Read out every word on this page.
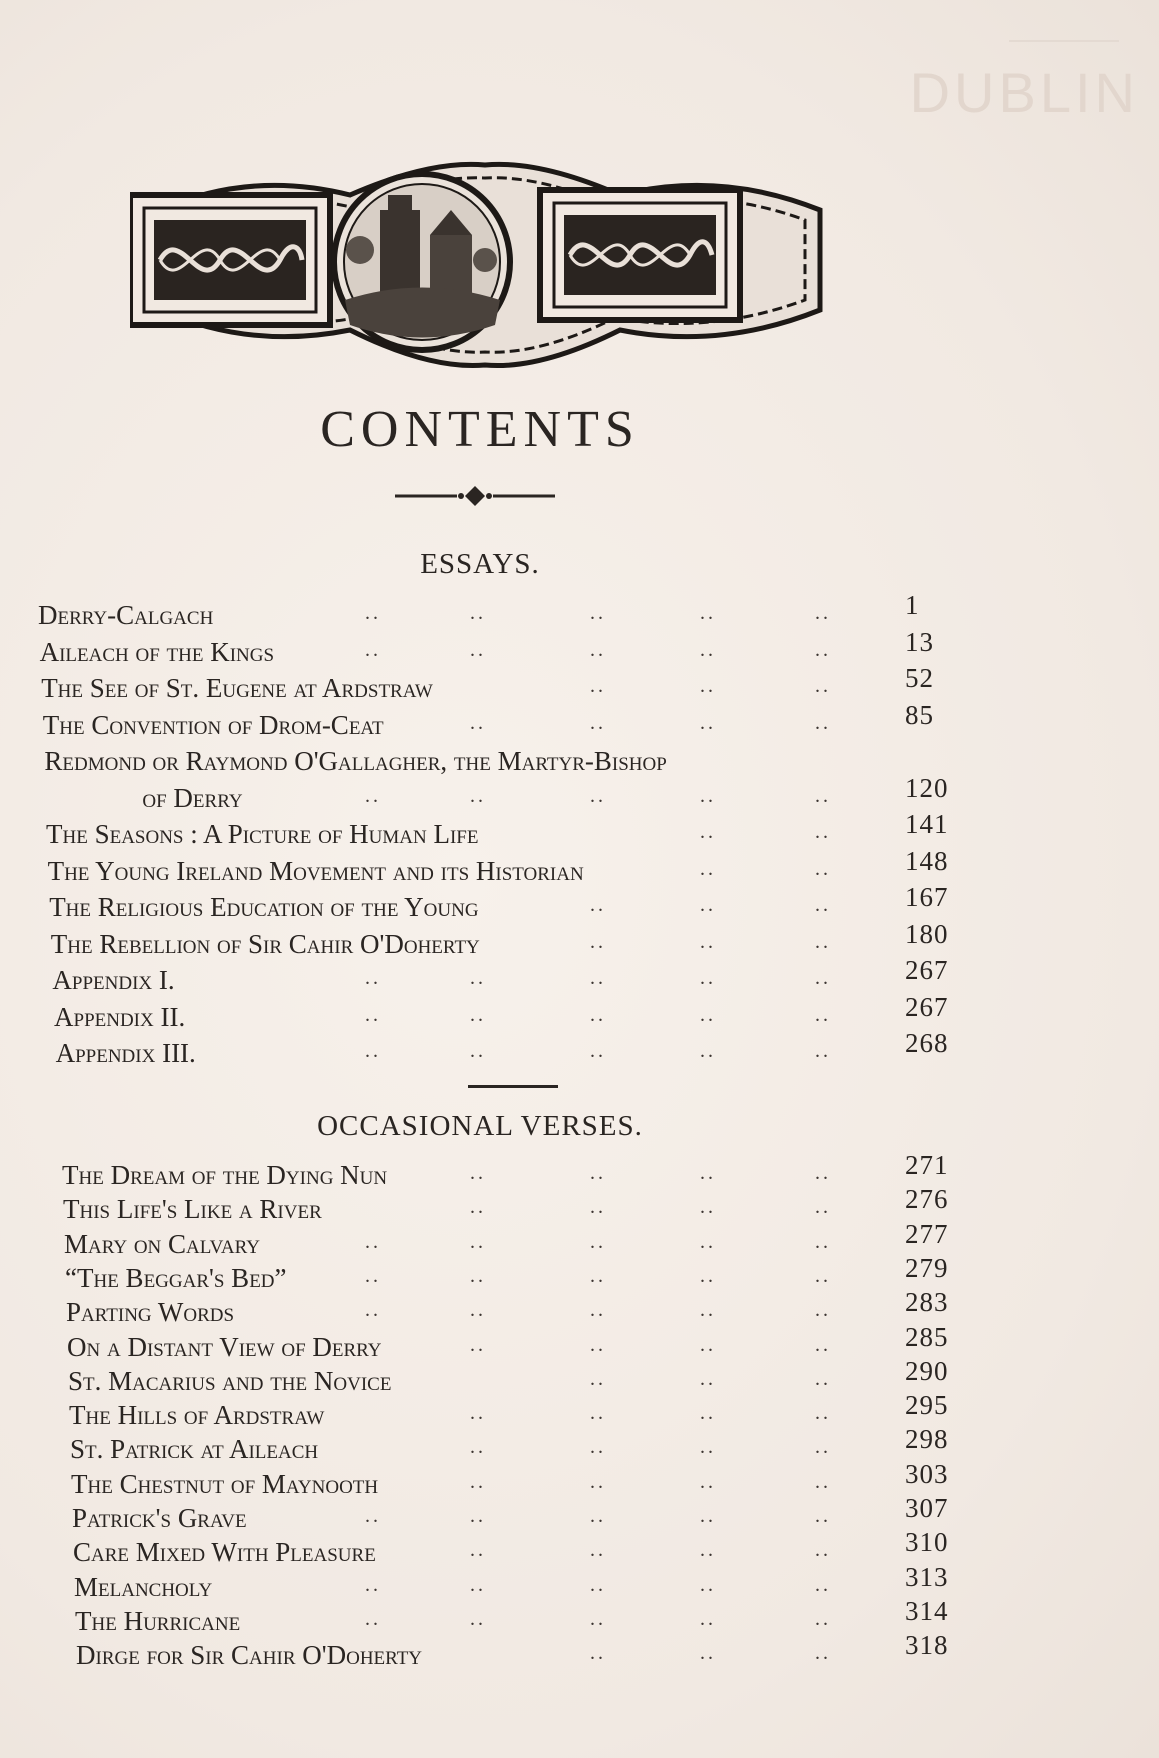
DUBLIN
CONTENTS
ESSAYS.
Derry-Calgach	..	..	..	..	..	1
Aileach of the Kings	..	..	..	..	..	13
The See of St. Eugene at Ardstraw	..	..	..	52
The Convention of Drom-Ceat	..	..	..	..	85
Redmond or Raymond O'Gallagher, the Martyr-Bishop
of Derry	..	..	..	..	..	120
The Seasons : A Picture of Human Life	..	..	141
The Young Ireland Movement and its Historian	..	..	148
The Religious Education of the Young	..	..	..	167
The Rebellion of Sir Cahir O'Doherty	..	..	..	180
Appendix I.	..	..	..	..	..	267
Appendix II.	..	..	..	..	..	267
Appendix III.	..	..	..	..	..	268
OCCASIONAL VERSES.
The Dream of the Dying Nun	..	..	..	..	271
This Life's Like a River	..	..	..	..	276
Mary on Calvary	..	..	..	..	..	277
“The Beggar's Bed”	..	..	..	..	..	279
Parting Words	..	..	..	..	..	283
On a Distant View of Derry	..	..	..	..	285
St. Macarius and the Novice	..	..	..	290
The Hills of Ardstraw	..	..	..	..	295
St. Patrick at Aileach	..	..	..	..	298
The Chestnut of Maynooth	..	..	..	..	303
Patrick's Grave	..	..	..	..	..	307
Care Mixed With Pleasure	..	..	..	..	310
Melancholy	..	..	..	..	..	313
The Hurricane	..	..	..	..	..	314
Dirge for Sir Cahir O'Doherty	..	..	..	318
